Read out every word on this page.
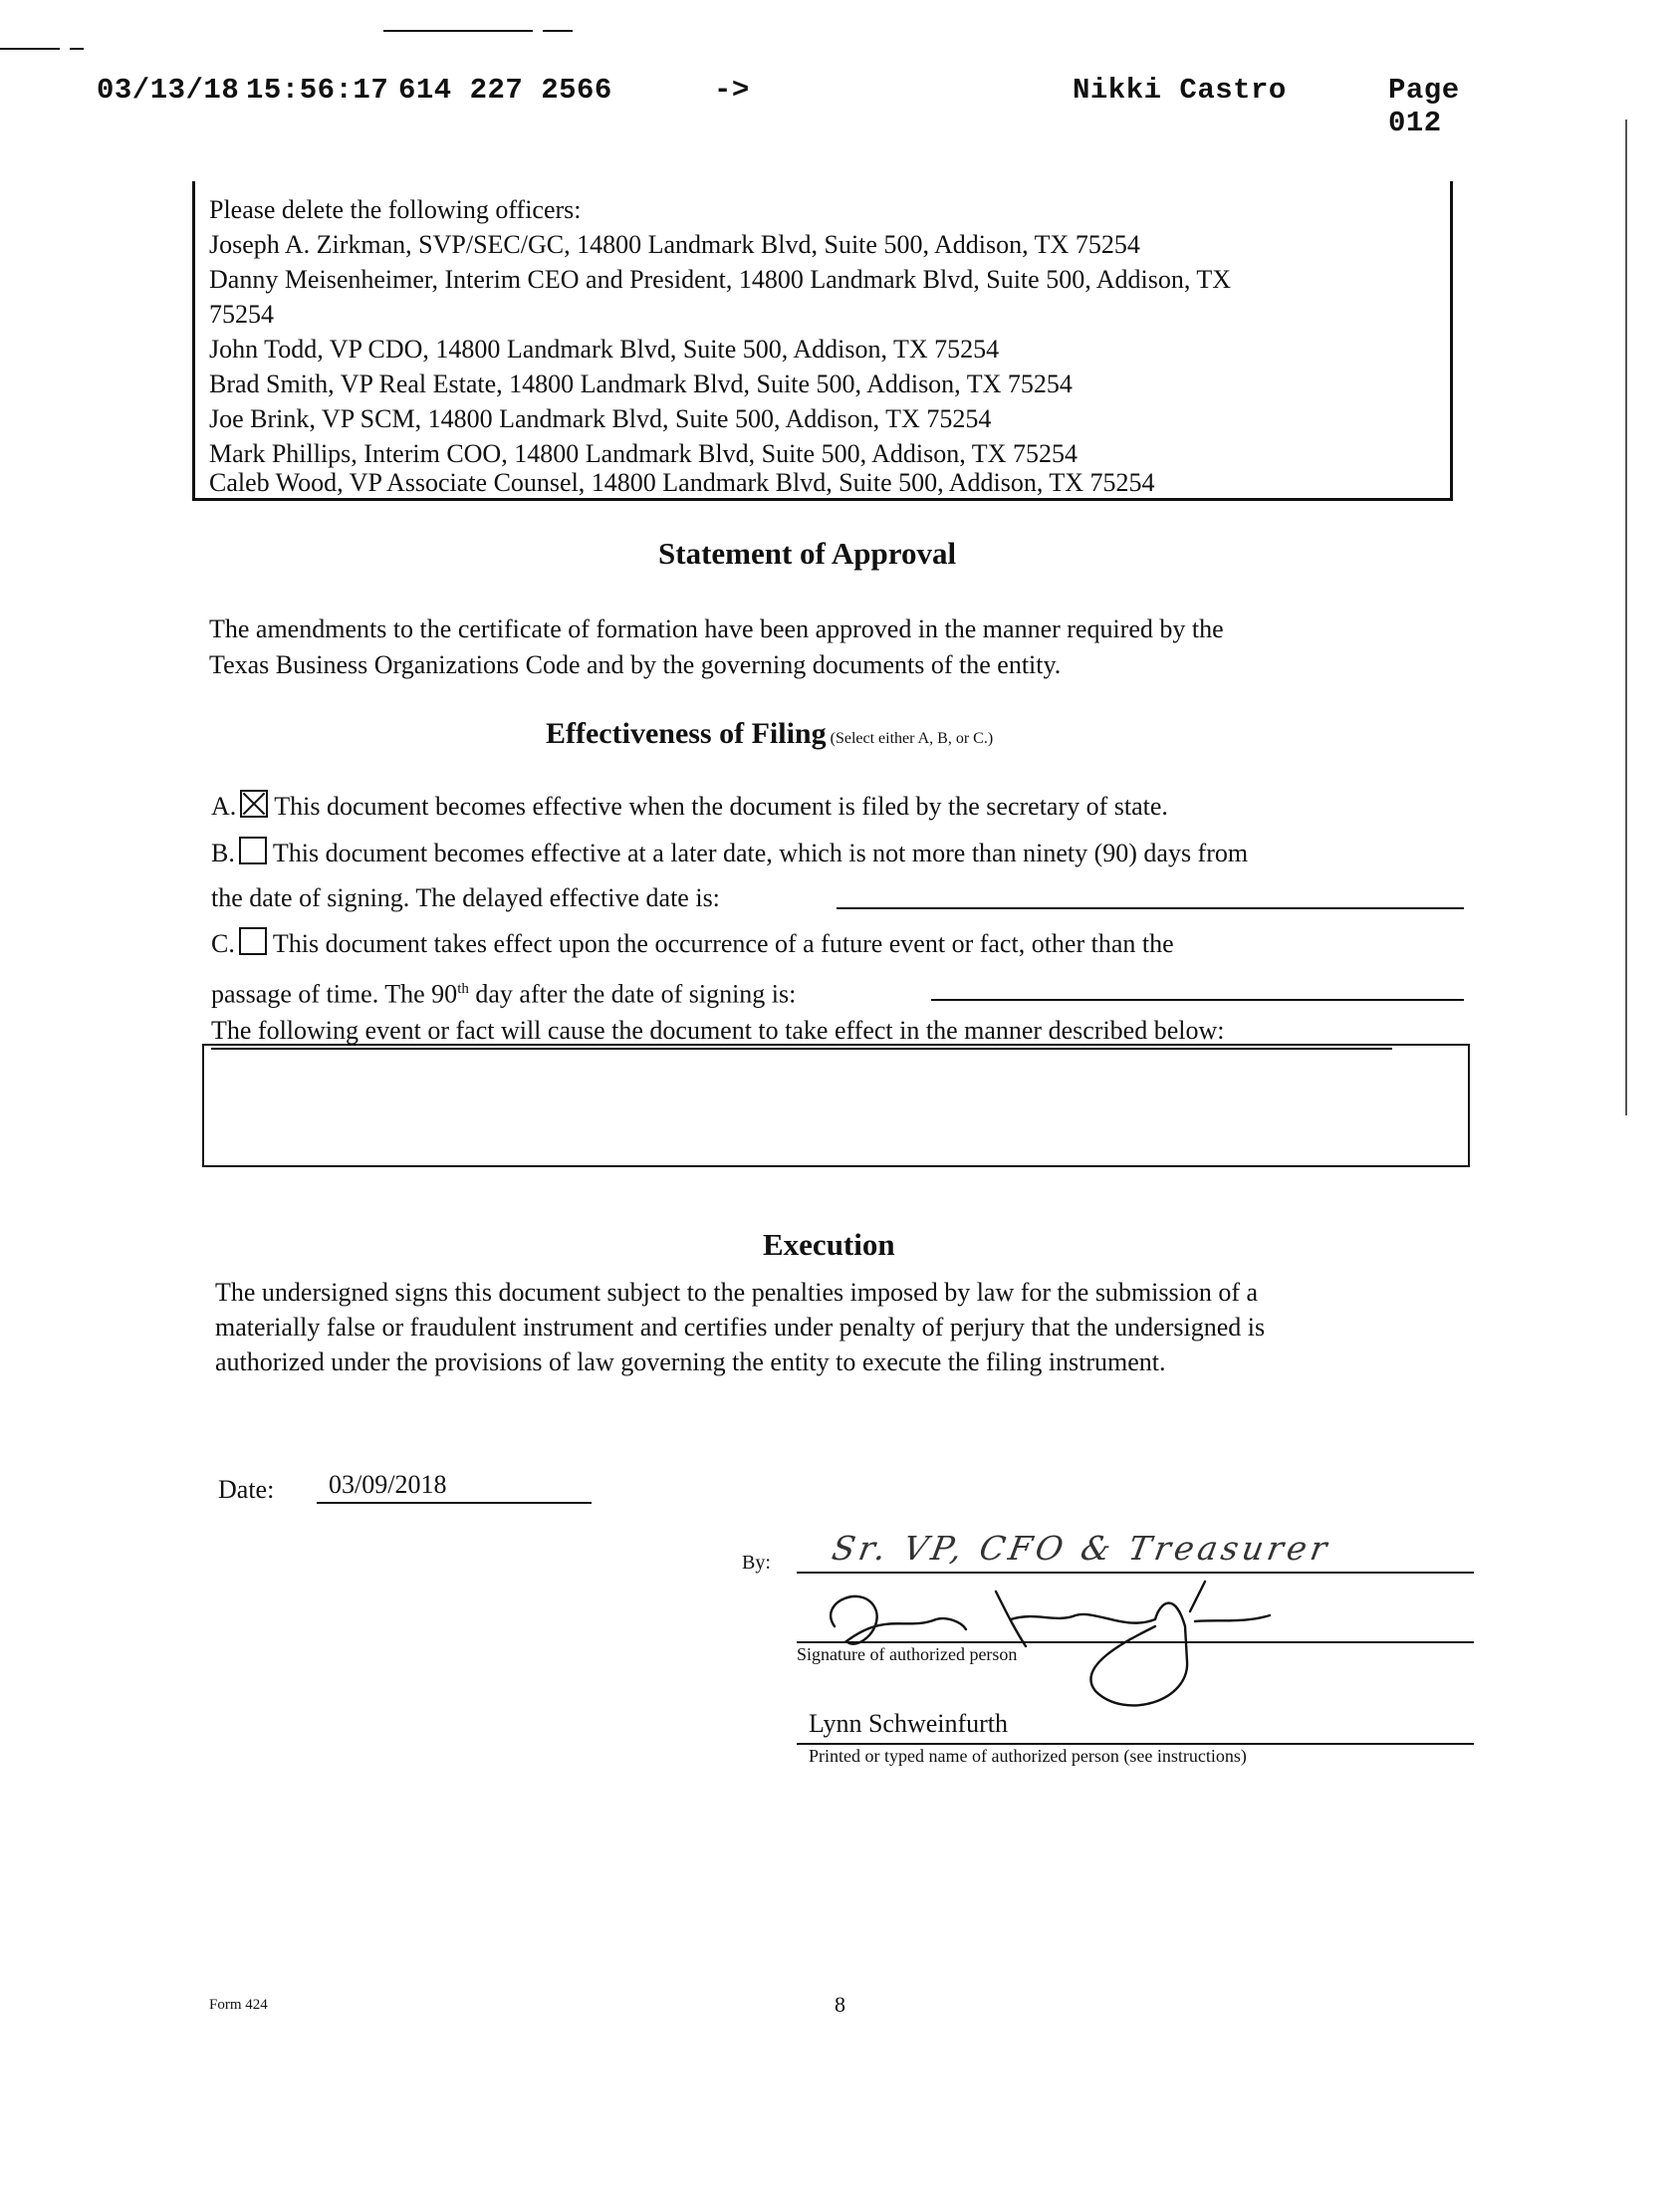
03/13/18 15:56:17 614 227 2566	->	Nikki Castro	Page 012
Please delete the following officers:
Joseph A. Zirkman, SVP/SEC/GC, 14800 Landmark Blvd, Suite 500, Addison, TX 75254
Danny Meisenheimer, Interim CEO and President, 14800 Landmark Blvd, Suite 500, Addison, TX
75254
John Todd, VP CDO, 14800 Landmark Blvd, Suite 500, Addison, TX 75254
Brad Smith, VP Real Estate, 14800 Landmark Blvd, Suite 500, Addison, TX 75254
Joe Brink, VP SCM, 14800 Landmark Blvd, Suite 500, Addison, TX 75254
Mark Phillips, Interim COO, 14800 Landmark Blvd, Suite 500, Addison, TX 75254
Caleb Wood, VP Associate Counsel, 14800 Landmark Blvd, Suite 500, Addison, TX 75254
Statement of Approval
The amendments to the certificate of formation have been approved in the manner required by the
Texas Business Organizations Code and by the governing documents of the entity.
Effectiveness of Filing (Select either A, B, or C.)
A. This document becomes effective when the document is filed by the secretary of state.
B. This document becomes effective at a later date, which is not more than ninety (90) days from
the date of signing. The delayed effective date is:
C. This document takes effect upon the occurrence of a future event or fact, other than the
passage of time. The 90th day after the date of signing is:
The following event or fact will cause the document to take effect in the manner described below:
Execution
The undersigned signs this document subject to the penalties imposed by law for the submission of a
materially false or fraudulent instrument and certifies under penalty of perjury that the undersigned is
authorized under the provisions of law governing the entity to execute the filing instrument.
Date:	03/09/2018
By: Sr. VP, CFO & Treasurer
Signature of authorized person
Lynn Schweinfurth
Printed or typed name of authorized person (see instructions)
Form 424	8
